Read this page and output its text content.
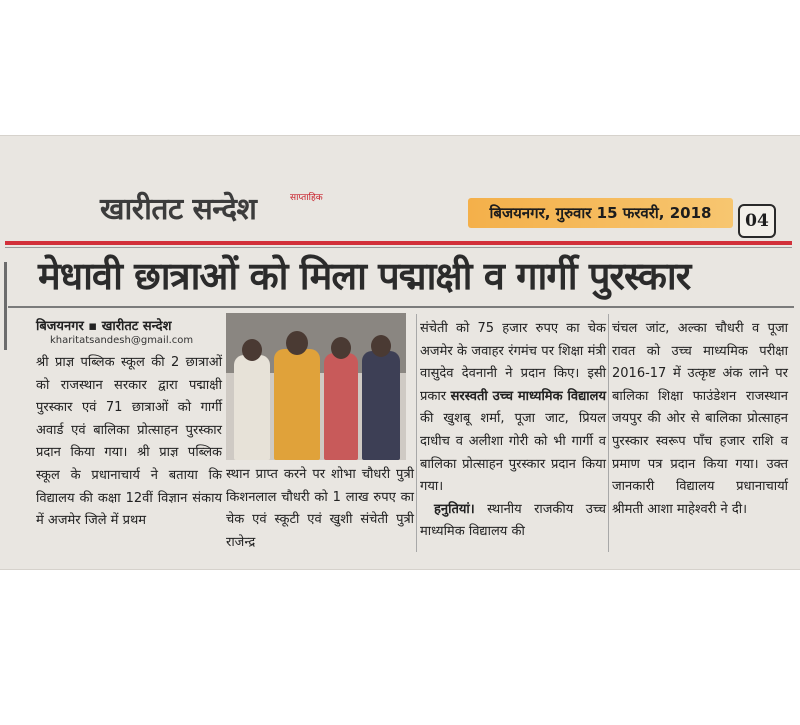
खारीतट सन्देश	साप्ताहिक
बिजयनगर, गुरुवार 15 फरवरी, 2018	04
मेधावी छात्राओं को मिला पद्माक्षी व गार्गी पुरस्कार
बिजयनगर ▪ खारीतट सन्देश
kharitatsandesh@gmail.com
श्री प्राज्ञ पब्लिक स्कूल की 2 छात्राओं को राजस्थान सरकार द्वारा पद्माक्षी पुरस्कार एवं 71 छात्राओं को गार्गी अवार्ड एवं बालिका प्रोत्साहन पुरस्कार प्रदान किया गया। श्री प्राज्ञ पब्लिक स्कूल के प्रधानाचार्य ने बताया कि विद्यालय की कक्षा 12वीं विज्ञान संकाय में अजमेर जिले में प्रथम
स्थान प्राप्त करने पर शोभा चौधरी पुत्री किशनलाल चौधरी को 1 लाख रुपए का चेक एवं स्कूटी एवं खुशी संचेती पुत्री राजेन्द्र
संचेती को 75 हजार रुपए का चेक अजमेर के जवाहर रंगमंच पर शिक्षा मंत्री वासुदेव देवनानी ने प्रदान किए। इसी प्रकार सरस्वती उच्च माध्यमिक विद्यालय की खुशबू शर्मा, पूजा जाट, प्रियल दाधीच व अलीशा गोरी को भी गार्गी व बालिका प्रोत्साहन पुरस्कार प्रदान किया गया।
हनुतियां। स्थानीय राजकीय उच्च माध्यमिक विद्यालय की
चंचल जांट, अल्का चौधरी व पूजा रावत को उच्च माध्यमिक परीक्षा 2016-17 में उत्कृष्ट अंक लाने पर बालिका शिक्षा फाउंडेशन राजस्थान जयपुर की ओर से बालिका प्रोत्साहन पुरस्कार स्वरूप पाँच हजार राशि व प्रमाण पत्र प्रदान किया गया। उक्त जानकारी विद्यालय प्रधानाचार्या श्रीमती आशा माहेश्वरी ने दी।
